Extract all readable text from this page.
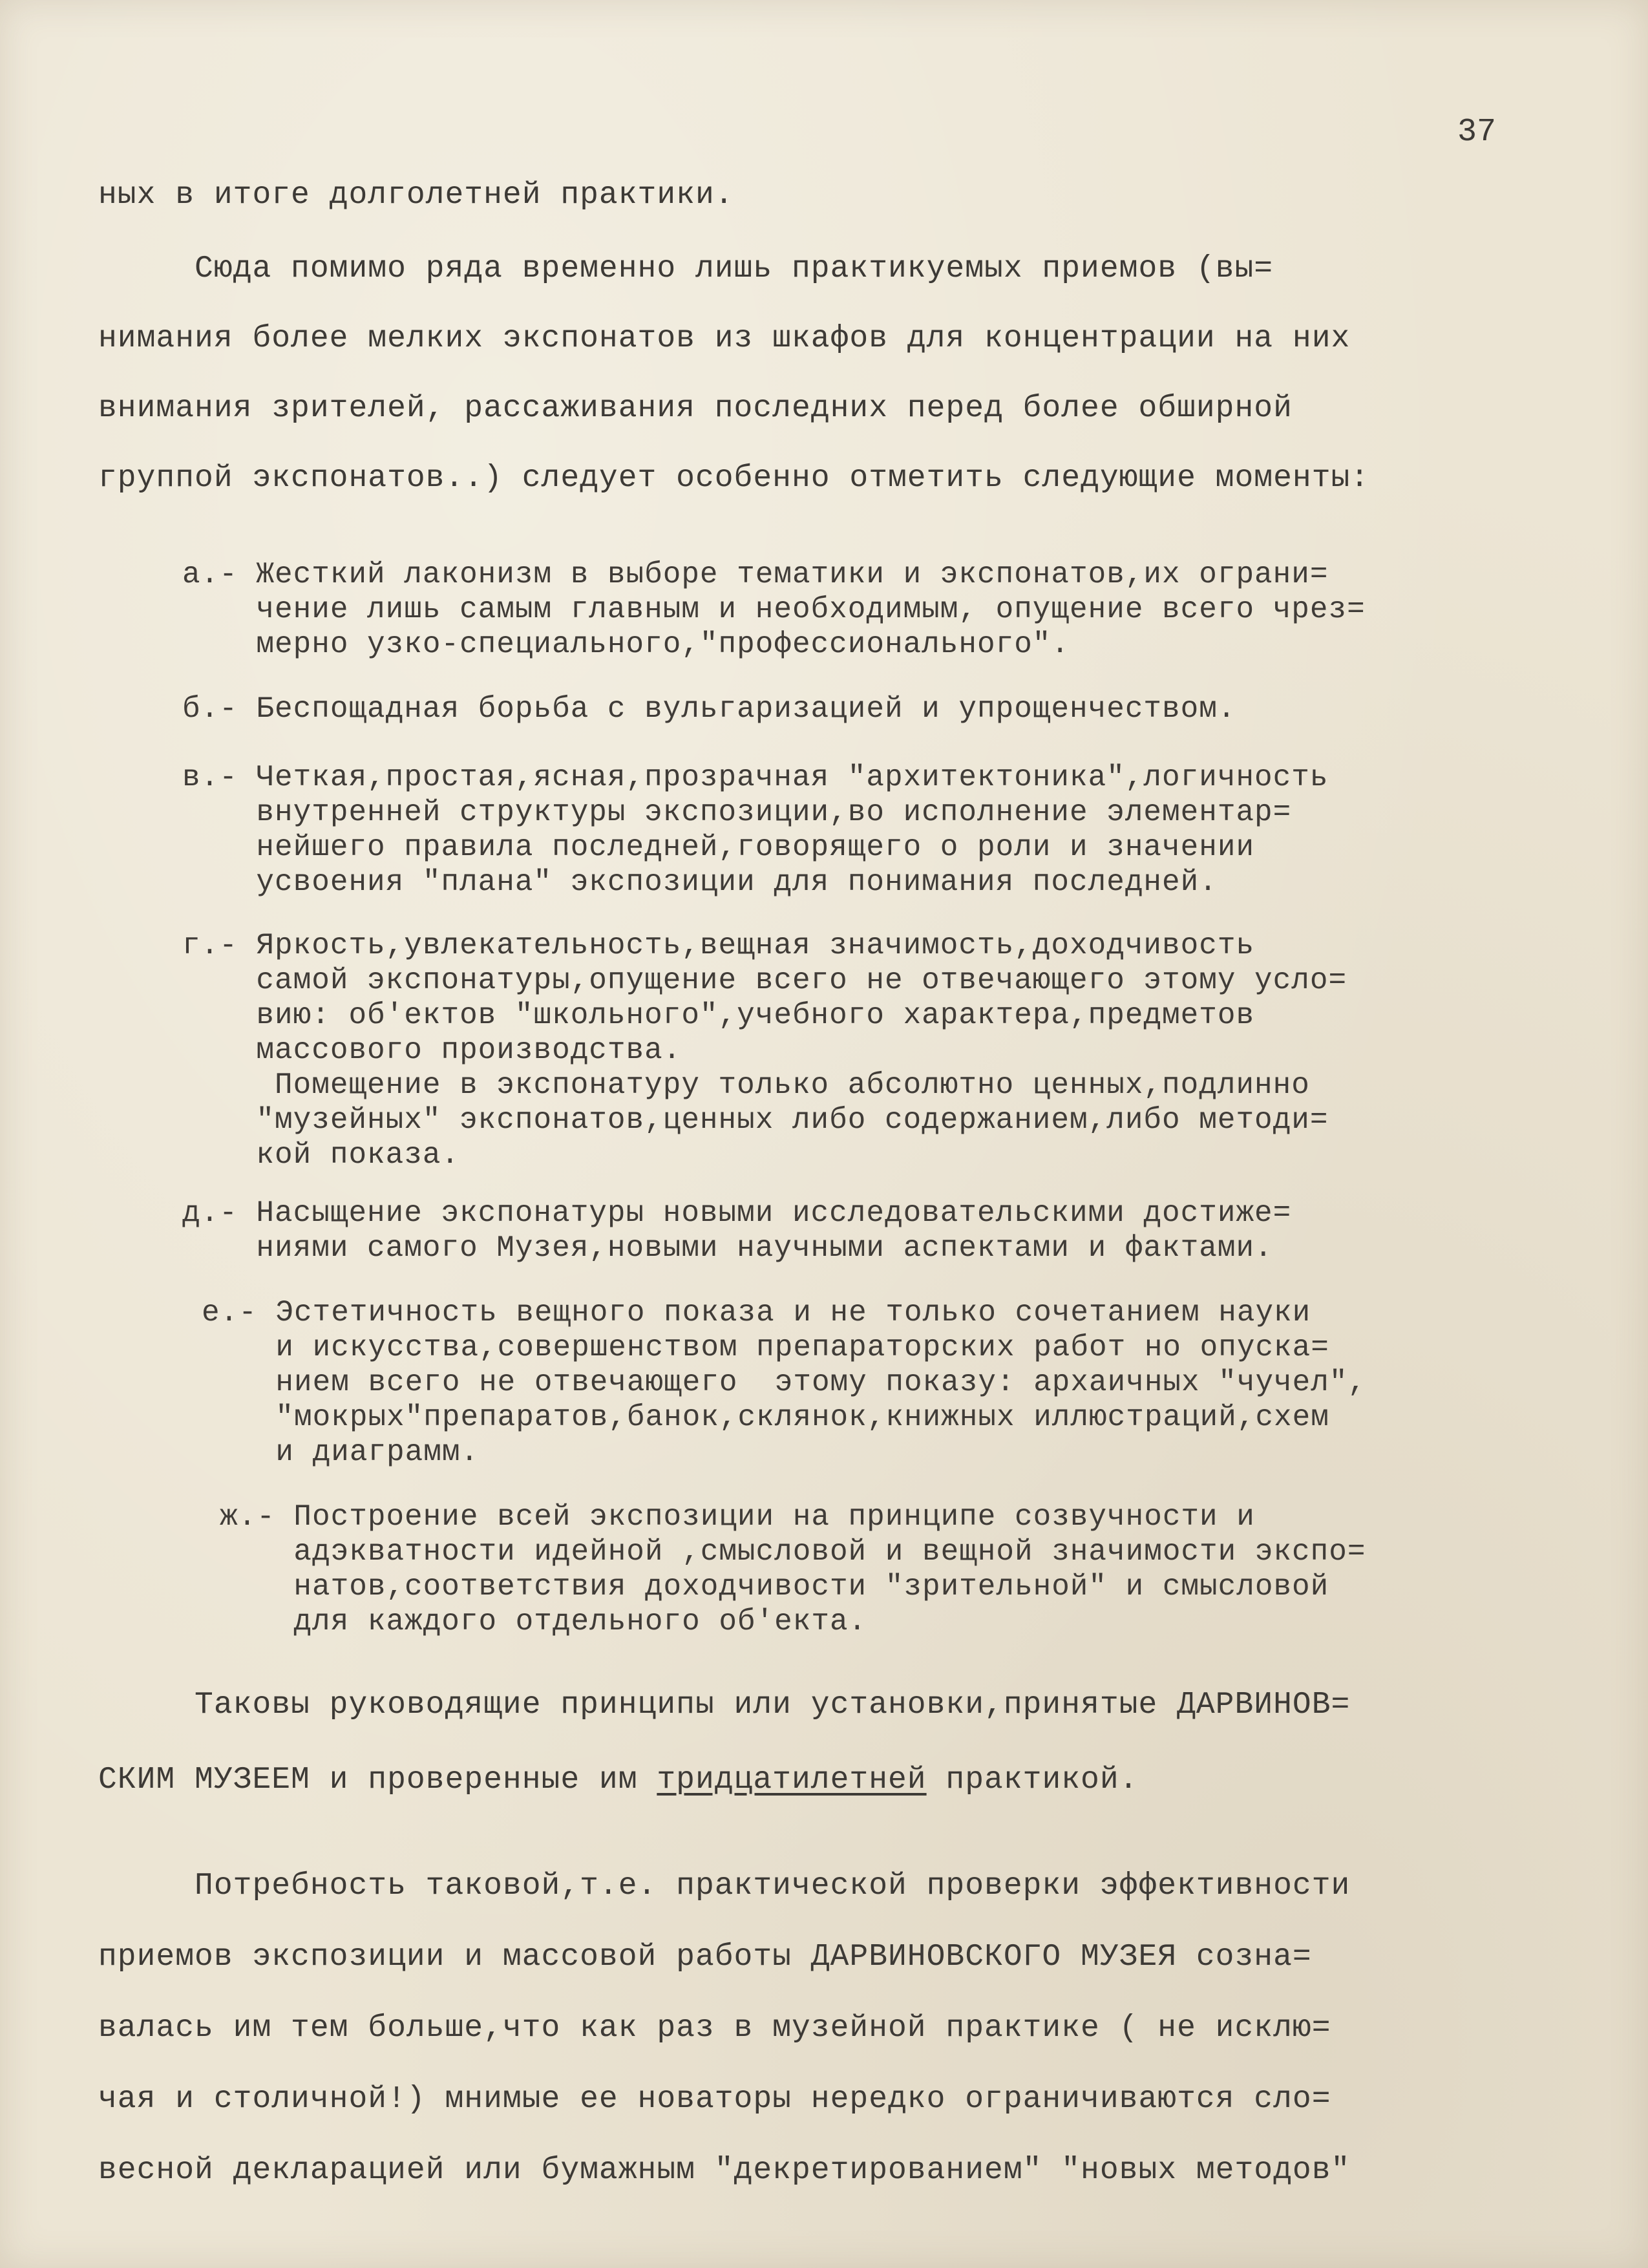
37
ных в итоге долголетней практики.
Сюда помимо ряда временно лишь практикуемых приемов (вы=
нимания более мелких экспонатов из шкафов для концентрации на них
внимания зрителей, рассаживания последних перед более обширной
группой экспонатов..) следует особенно отметить следующие моменты:
а.- Жесткий лаконизм в выборе тематики и экспонатов,их ограни=
чение лишь самым главным и необходимым, опущение всего чрез=
мерно узко-специального,"профессионального".
б.- Беспощадная борьба с вульгаризацией и упрощенчеством.
в.- Четкая,простая,ясная,прозрачная "архитектоника",логичность
внутренней структуры экспозиции,во исполнение элементар=
нейшего правила последней,говорящего о роли и значении
усвоения "плана" экспозиции для понимания последней.
г.- Яркость,увлекательность,вещная значимость,доходчивость
самой экспонатуры,опущение всего не отвечающего этому усло=
вию: об'ектов "школьного",учебного характера,предметов
массового производства.
Помещение в экспонатуру только абсолютно ценных,подлинно
"музейных" экспонатов,ценных либо содержанием,либо методи=
кой показа.
д.- Насыщение экспонатуры новыми исследовательскими достиже=
ниями самого Музея,новыми научными аспектами и фактами.
е.- Эстетичность вещного показа и не только сочетанием науки
и искусства,совершенством препараторских работ но опуска=
нием всего не отвечающего  этому показу: архаичных "чучел",
"мокрых"препаратов,банок,склянок,книжных иллюстраций,схем
и диаграмм.
ж.- Построение всей экспозиции на принципе созвучности и
адэкватности идейной ,смысловой и вещной значимости экспо=
натов,соответствия доходчивости "зрительной" и смысловой
для каждого отдельного об'екта.
Таковы руководящие принципы или установки,принятые ДАРВИНОВ=
СКИМ МУЗЕЕМ и проверенные им тридцатилетней практикой.
Потребность таковой,т.е. практической проверки эффективности
приемов экспозиции и массовой работы ДАРВИНОВСКОГО МУЗЕЯ созна=
валась им тем больше,что как раз в музейной практике ( не исклю=
чая и столичной!) мнимые ее новаторы нередко ограничиваются сло=
весной декларацией или бумажным "декретированием" "новых методов"
